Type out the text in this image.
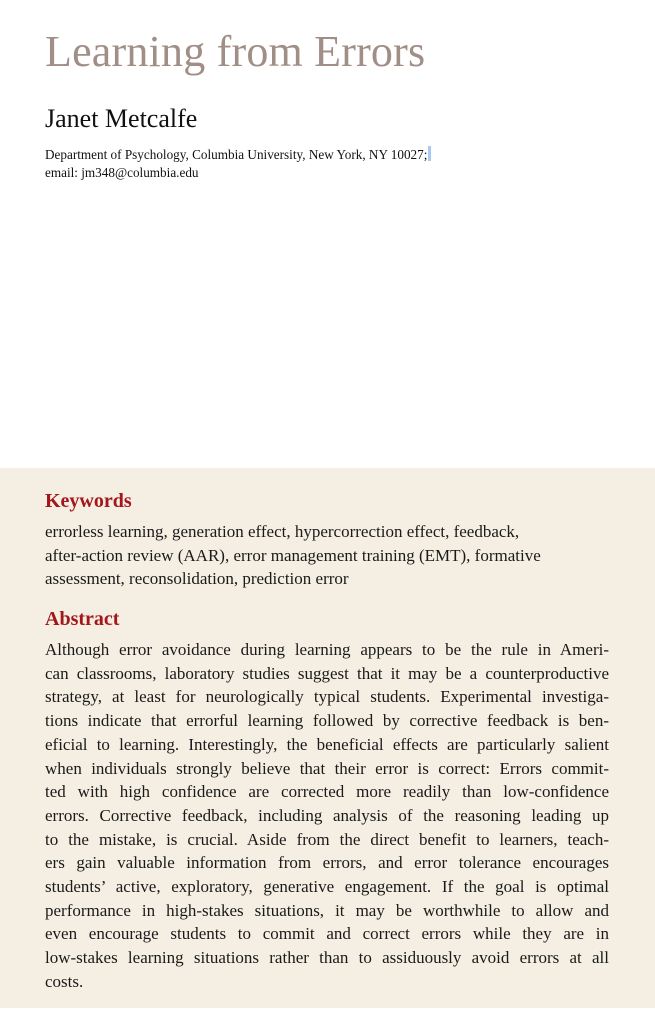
Learning from Errors
Janet Metcalfe
Department of Psychology, Columbia University, New York, NY 10027;
email: jm348@columbia.edu
Keywords
errorless learning, generation effect, hypercorrection effect, feedback,
after-action review (AAR), error management training (EMT), formative
assessment, reconsolidation, prediction error
Abstract
Although error avoidance during learning appears to be the rule in Ameri-
can classrooms, laboratory studies suggest that it may be a counterproductive
strategy, at least for neurologically typical students. Experimental investiga-
tions indicate that errorful learning followed by corrective feedback is ben-
eficial to learning. Interestingly, the beneficial effects are particularly salient
when individuals strongly believe that their error is correct: Errors commit-
ted with high confidence are corrected more readily than low-confidence
errors. Corrective feedback, including analysis of the reasoning leading up
to the mistake, is crucial. Aside from the direct benefit to learners, teach-
ers gain valuable information from errors, and error tolerance encourages
students’ active, exploratory, generative engagement. If the goal is optimal
performance in high-stakes situations, it may be worthwhile to allow and
even encourage students to commit and correct errors while they are in
low-stakes learning situations rather than to assiduously avoid errors at all
costs.
